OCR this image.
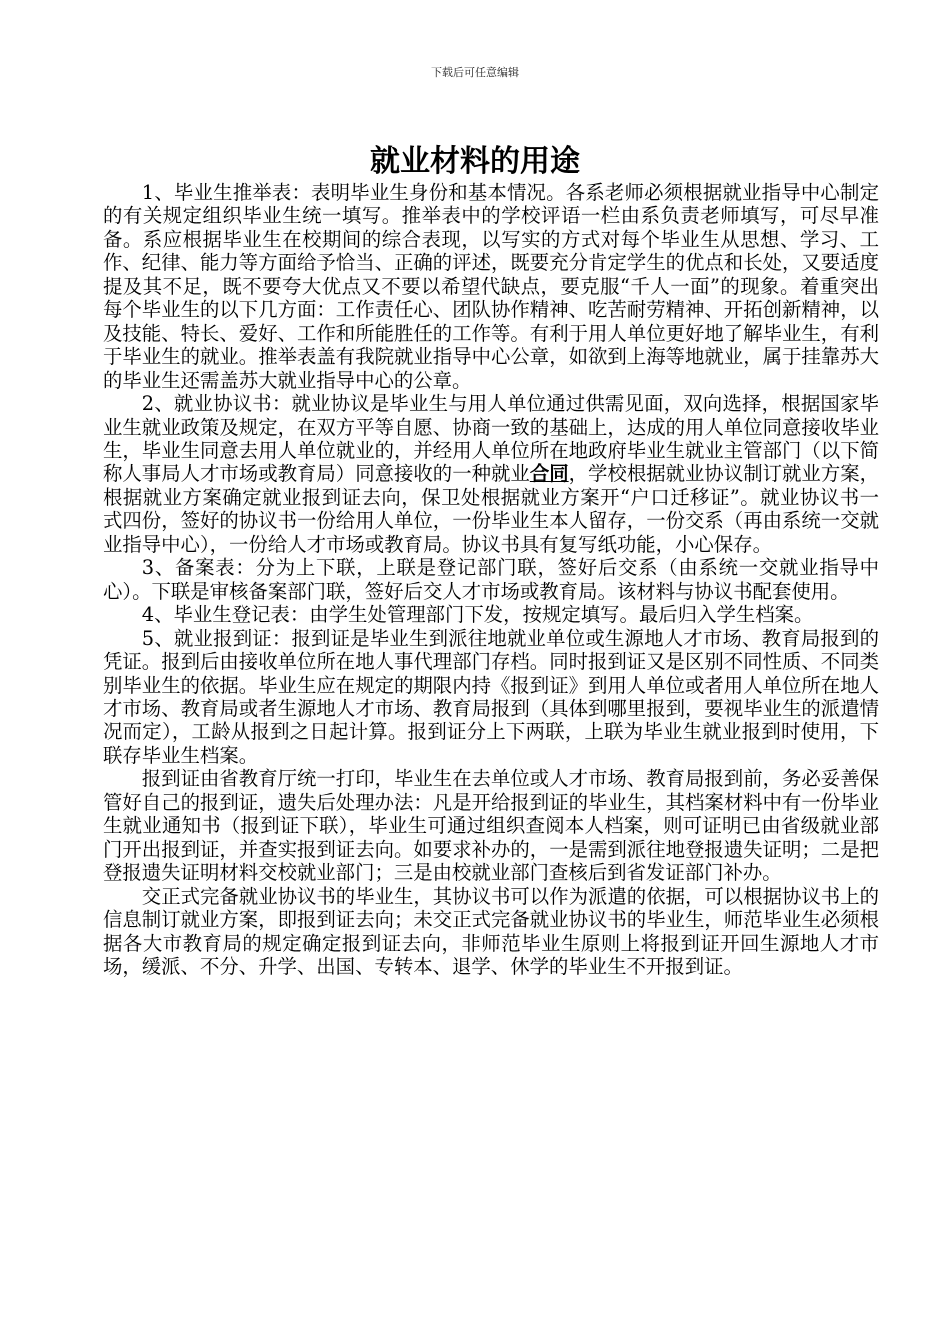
下载后可任意编辑
就业材料的用途

1、毕业生推举表：表明毕业生身份和基本情况。各系老师必须根据就业指导中心制定的有关规定组织毕业生统一填写。推举表中的学校评语一栏由系负责老师填写，可尽早准备。系应根据毕业生在校期间的综合表现，以写实的方式对每个毕业生从思想、学习、工作、纪律、能力等方面给予恰当、正确的评述，既要充分肯定学生的优点和长处，又要适度提及其不足，既不要夸大优点又不要以希望代缺点，要克服“千人一面”的现象。着重突出每个毕业生的以下几方面：工作责任心、团队协作精神、吃苦耐劳精神、开拓创新精神，以及技能、特长、爱好、工作和所能胜任的工作等。有利于用人单位更好地了解毕业生，有利于毕业生的就业。推举表盖有我院就业指导中心公章，如欲到上海等地就业，属于挂靠苏大的毕业生还需盖苏大就业指导中心的公章。

2、就业协议书：就业协议是毕业生与用人单位通过供需见面，双向选择，根据国家毕业生就业政策及规定，在双方平等自愿、协商一致的基础上，达成的用人单位同意接收毕业生，毕业生同意去用人单位就业的，并经用人单位所在地政府毕业生就业主管部门（以下简称人事局人才市场或教育局）同意接收的一种就业合同，学校根据就业协议制订就业方案，根据就业方案确定就业报到证去向，保卫处根据就业方案开“户口迁移证”。就业协议书一式四份，签好的协议书一份给用人单位，一份毕业生本人留存，一份交系（再由系统一交就业指导中心），一份给人才市场或教育局。协议书具有复写纸功能，小心保存。

3、备案表：分为上下联，上联是登记部门联，签好后交系（由系统一交就业指导中心）。下联是审核备案部门联，签好后交人才市场或教育局。该材料与协议书配套使用。

4、毕业生登记表：由学生处管理部门下发，按规定填写。最后归入学生档案。

5、就业报到证：报到证是毕业生到派往地就业单位或生源地人才市场、教育局报到的凭证。报到后由接收单位所在地人事代理部门存档。同时报到证又是区别不同性质、不同类别毕业生的依据。毕业生应在规定的期限内持《报到证》到用人单位或者用人单位所在地人才市场、教育局或者生源地人才市场、教育局报到（具体到哪里报到，要视毕业生的派遣情况而定），工龄从报到之日起计算。报到证分上下两联，上联为毕业生就业报到时使用，下联存毕业生档案。

报到证由省教育厅统一打印，毕业生在去单位或人才市场、教育局报到前，务必妥善保管好自己的报到证，遗失后处理办法：凡是开给报到证的毕业生，其档案材料中有一份毕业生就业通知书（报到证下联），毕业生可通过组织查阅本人档案，则可证明已由省级就业部门开出报到证，并查实报到证去向。如要求补办的，一是需到派往地登报遗失证明；二是把登报遗失证明材料交校就业部门；三是由校就业部门查核后到省发证部门补办。

交正式完备就业协议书的毕业生，其协议书可以作为派遣的依据，可以根据协议书上的信息制订就业方案，即报到证去向；未交正式完备就业协议书的毕业生，师范毕业生必须根据各大市教育局的规定确定报到证去向，非师范毕业生原则上将报到证开回生源地人才市场，缓派、不分、升学、出国、专转本、退学、休学的毕业生不开报到证。
